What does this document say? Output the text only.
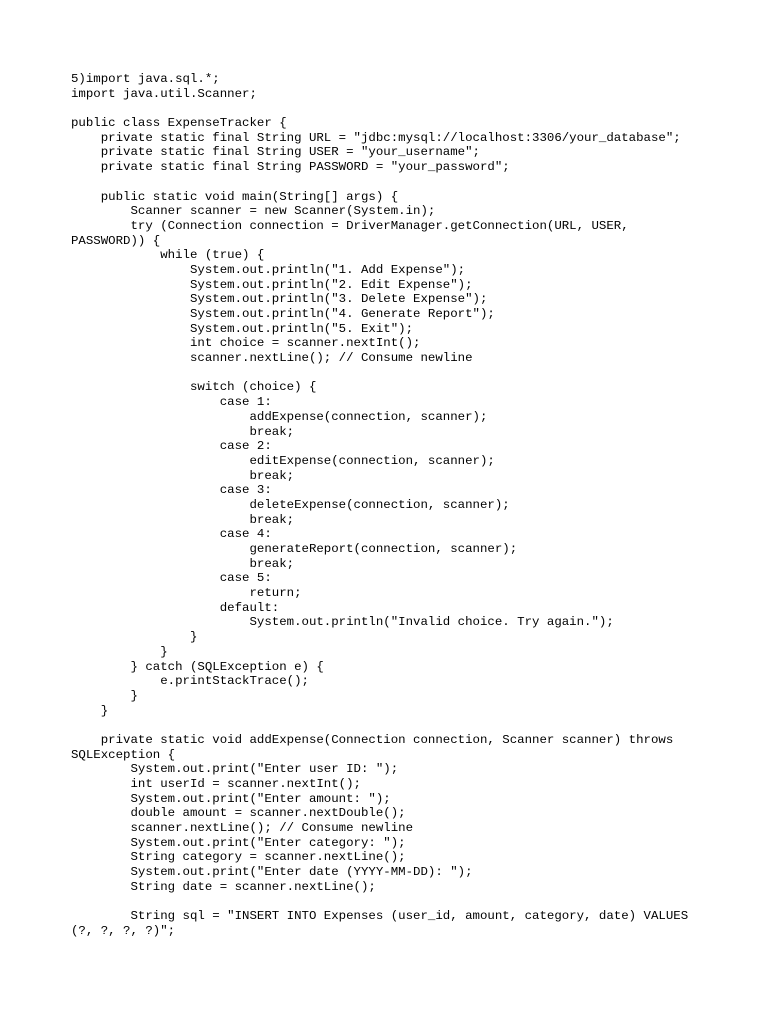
5)import java.sql.*;
import java.util.Scanner;
public class ExpenseTracker {
private static final String URL = "jdbc:mysql://localhost:3306/your_database";
private static final String USER = "your_username";
private static final String PASSWORD = "your_password";
public static void main(String[] args) {
Scanner scanner = new Scanner(System.in);
try (Connection connection = DriverManager.getConnection(URL, USER,
PASSWORD)) {
while (true) {
System.out.println("1. Add Expense");
System.out.println("2. Edit Expense");
System.out.println("3. Delete Expense");
System.out.println("4. Generate Report");
System.out.println("5. Exit");
int choice = scanner.nextInt();
scanner.nextLine(); // Consume newline
switch (choice) {
case 1:
addExpense(connection, scanner);
break;
case 2:
editExpense(connection, scanner);
break;
case 3:
deleteExpense(connection, scanner);
break;
case 4:
generateReport(connection, scanner);
break;
case 5:
return;
default:
System.out.println("Invalid choice. Try again.");
}
}
} catch (SQLException e) {
e.printStackTrace();
}
}
private static void addExpense(Connection connection, Scanner scanner) throws
SQLException {
System.out.print("Enter user ID: ");
int userId = scanner.nextInt();
System.out.print("Enter amount: ");
double amount = scanner.nextDouble();
scanner.nextLine(); // Consume newline
System.out.print("Enter category: ");
String category = scanner.nextLine();
System.out.print("Enter date (YYYY-MM-DD): ");
String date = scanner.nextLine();
String sql = "INSERT INTO Expenses (user_id, amount, category, date) VALUES
(?, ?, ?, ?)";
